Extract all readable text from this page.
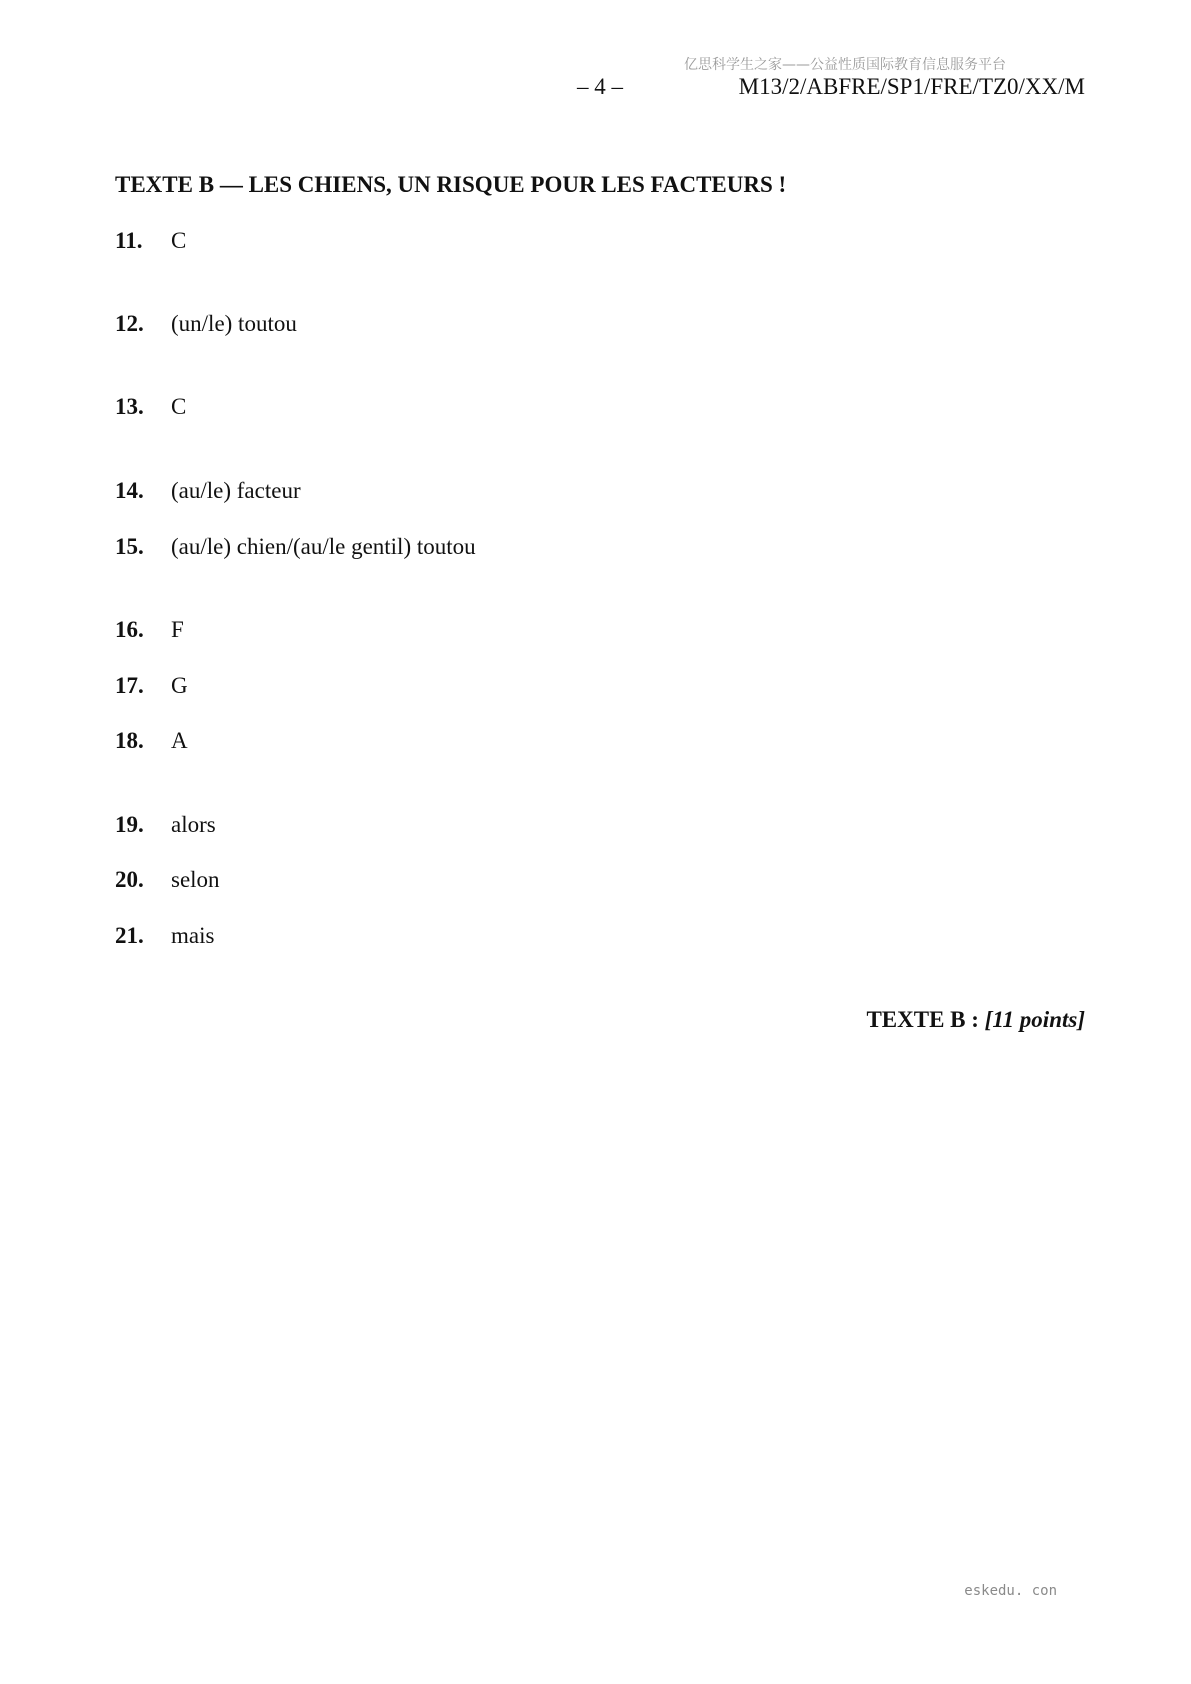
亿思科学生之家——公益性质国际教育信息服务平台
– 4 –	M13/2/ABFRE/SP1/FRE/TZ0/XX/M
TEXTE B — LES CHIENS, UN RISQUE POUR LES FACTEURS !
11. C
12. (un/le) toutou
13. C
14. (au/le) facteur
15. (au/le) chien/(au/le gentil) toutou
16. F
17. G
18. A
19. alors
20. selon
21. mais
TEXTE B : [11 points]
eskedu. con
